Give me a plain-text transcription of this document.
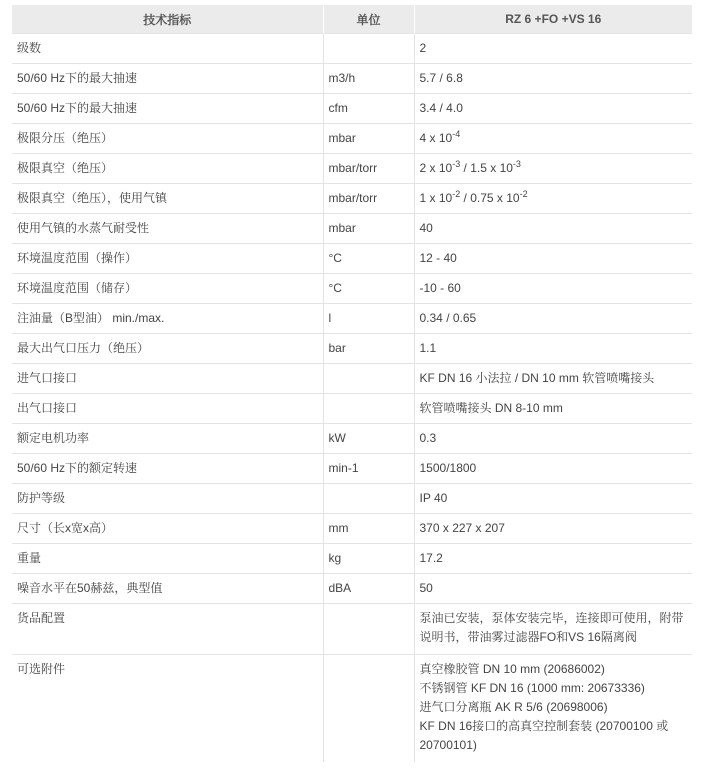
技术指标	单位	RZ 6 +FO +VS 16
级数		2
50/60 Hz下的最大抽速	m3/h	5.7 / 6.8
50/60 Hz下的最大抽速	cfm	3.4 / 4.0
极限分压（绝压）	mbar	4 x $10^{-4}$
极限真空（绝压）	mbar/torr	2 x $10^{-3} / 1.5$ x $10^{-3}$
极限真空（绝压），使用气镇	mbar/torr	1 x $10^{-2} / 0.75$ x $10^{-2}$
使用气镇的水蒸气耐受性	mbar	40
环境温度范围（操作）	°C	12 - 40
环境温度范围（储存）	°C	-10 - 60
注油量（B型油） min./max.	l	0.34 / 0.65
最大出气口压力（绝压）	bar	1.1
进气口接口		KF DN 16 小法拉 / DN 10 mm 软管喷嘴接头
出气口接口		软管喷嘴接头 DN 8-10 mm
额定电机功率	kW	0.3
50/60 Hz下的额定转速	min-1	1500/1800
防护等级		IP 40
尺寸（长x宽x高）	mm	370 x 227 x 207
重量	kg	17.2
噪音水平在50赫兹，典型值	dBA	50
货品配置		泵油已安装，泵体安装完毕，连接即可使用，附带说明书，带油雾过滤器FO和VS 16隔离阀
可选附件		真空橡胶管 DN 10 mm (20686002)
不锈钢管 KF DN 16 (1000 mm: 20673336)
进气口分离瓶 AK R 5/6 (20698006)
KF DN 16接口的高真空控制套装 (20700100 或 20700101)
